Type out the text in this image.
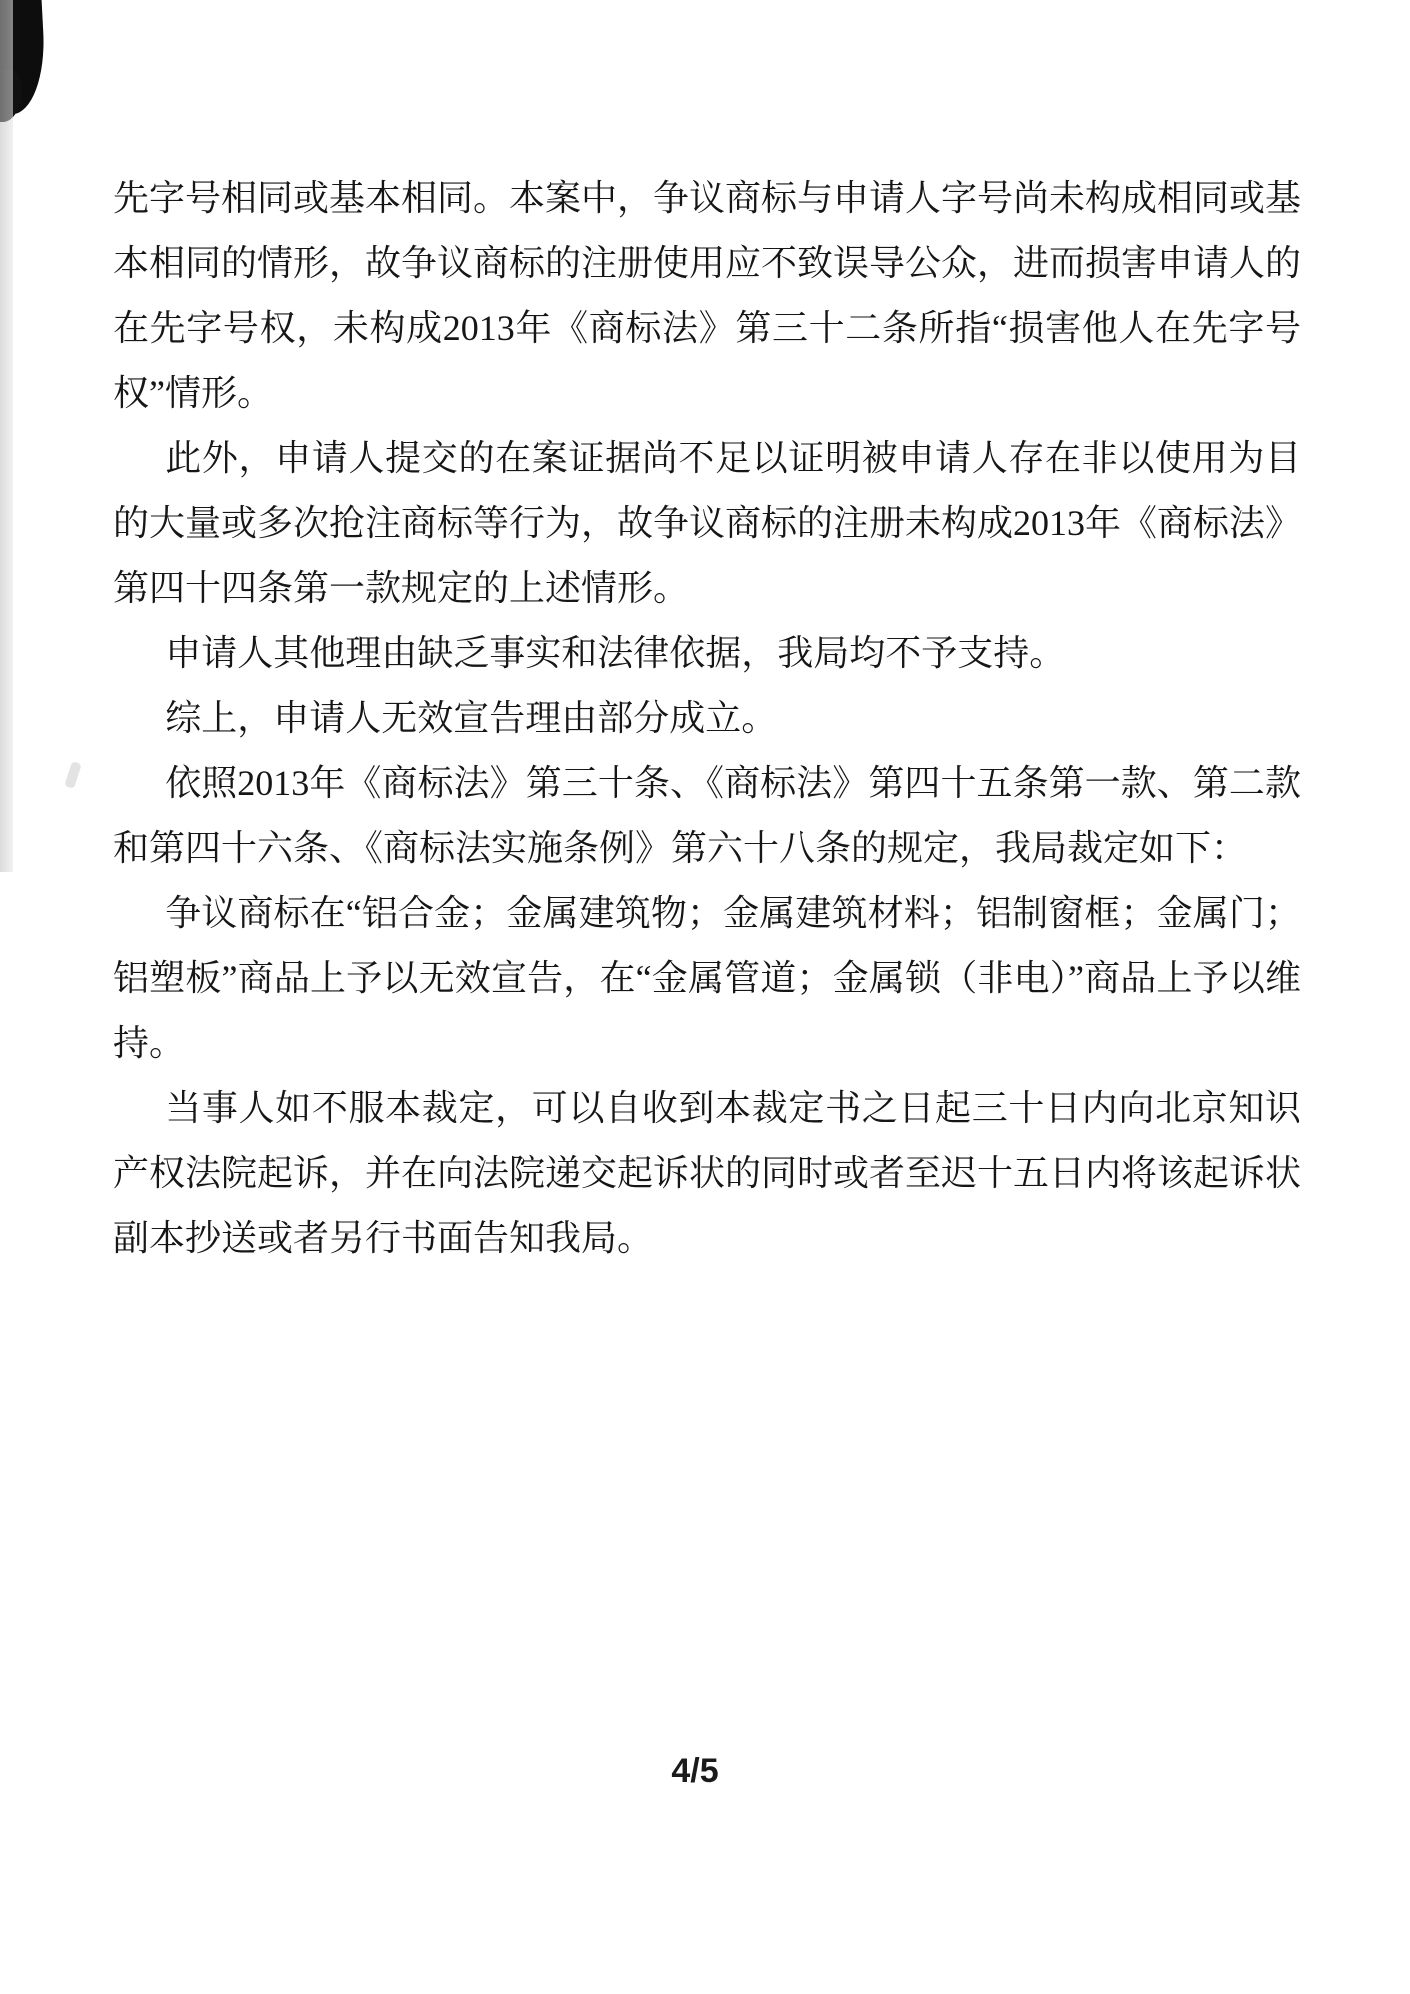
先字号相同或基本相同。本案中，争议商标与申请人字号尚未构成相同或基本相同的情形，故争议商标的注册使用应不致误导公众，进而损害申请人的在先字号权，未构成2013年《商标法》第三十二条所指“损害他人在先字号权”情形。

此外，申请人提交的在案证据尚不足以证明被申请人存在非以使用为目的大量或多次抢注商标等行为，故争议商标的注册未构成2013年《商标法》第四十四条第一款规定的上述情形。

申请人其他理由缺乏事实和法律依据，我局均不予支持。

综上，申请人无效宣告理由部分成立。

依照2013年《商标法》第三十条、《商标法》第四十五条第一款、第二款和第四十六条、《商标法实施条例》第六十八条的规定，我局裁定如下：

争议商标在“铝合金；金属建筑物；金属建筑材料；铝制窗框；金属门；铝塑板”商品上予以无效宣告，在“金属管道；金属锁（非电）”商品上予以维持。

当事人如不服本裁定，可以自收到本裁定书之日起三十日内向北京知识产权法院起诉，并在向法院递交起诉状的同时或者至迟十五日内将该起诉状副本抄送或者另行书面告知我局。

4/5
